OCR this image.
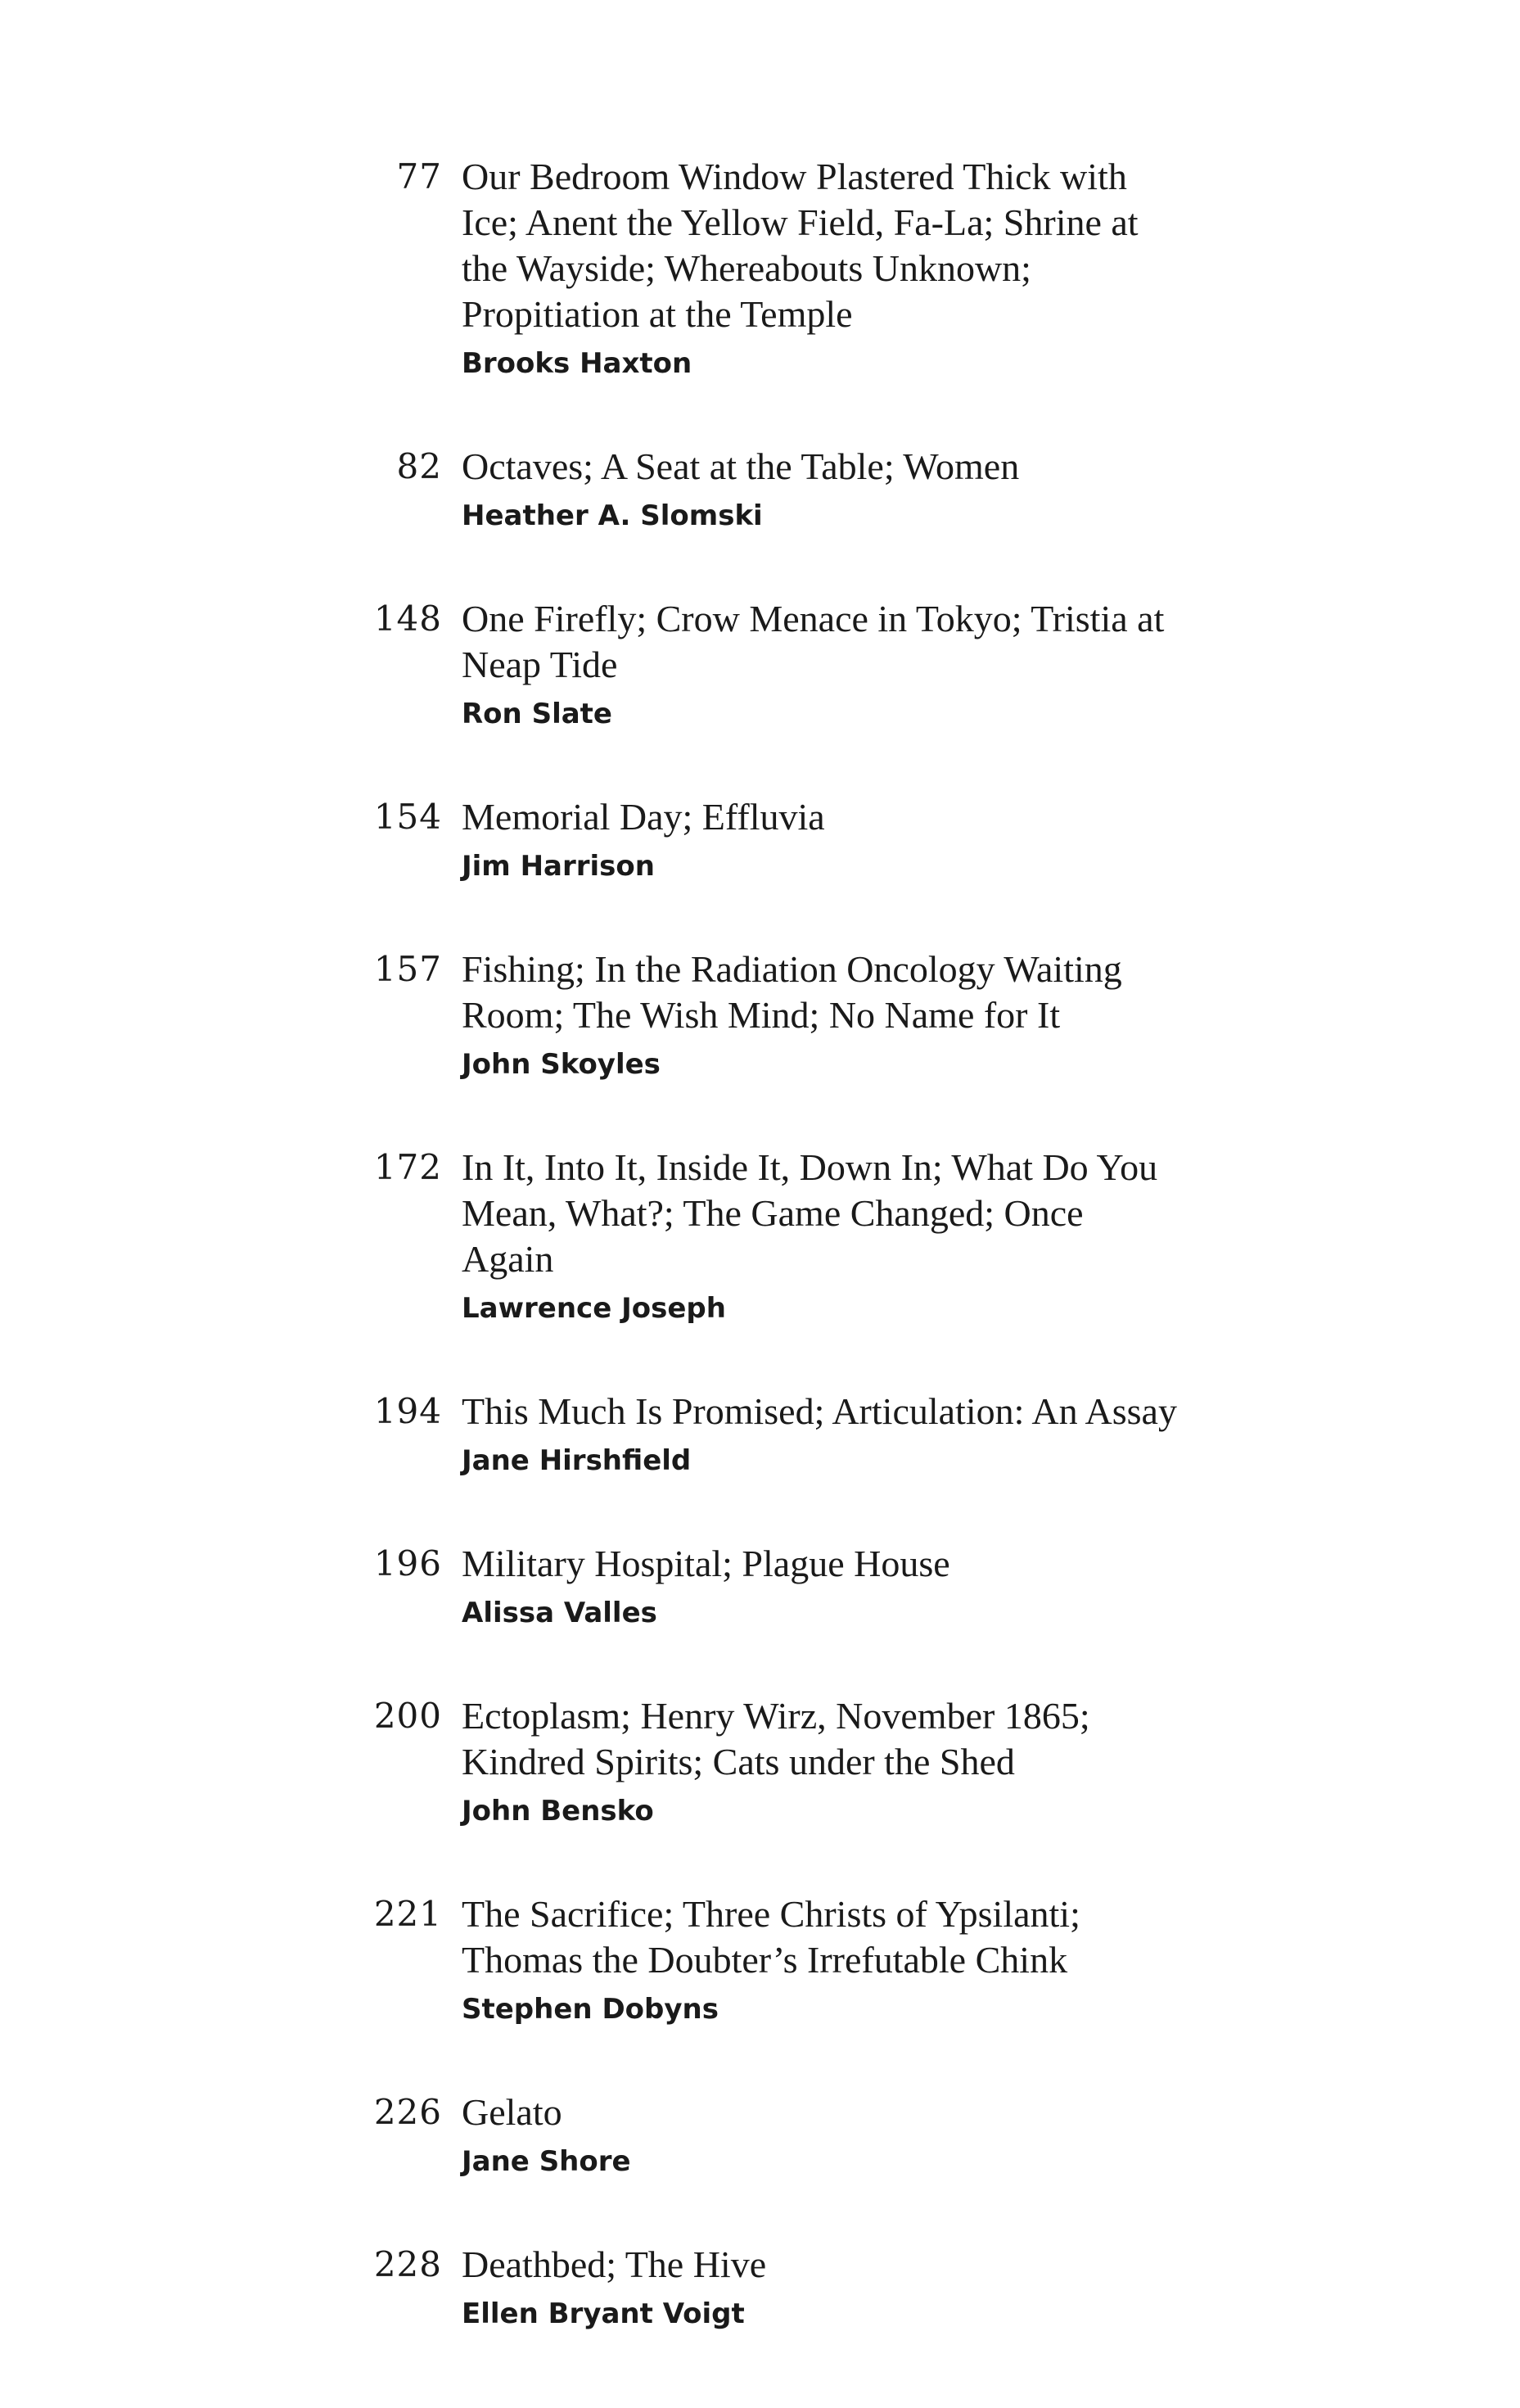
77 Our Bedroom Window Plastered Thick with Ice; Anent the Yellow Field, Fa-La; Shrine at the Wayside; Whereabouts Unknown; Propitiation at the Temple
Brooks Haxton
82 Octaves; A Seat at the Table; Women
Heather A. Slomski
148 One Firefly; Crow Menace in Tokyo; Tristia at Neap Tide
Ron Slate
154 Memorial Day; Effluvia
Jim Harrison
157 Fishing; In the Radiation Oncology Waiting Room; The Wish Mind; No Name for It
John Skoyles
172 In It, Into It, Inside It, Down In; What Do You Mean, What?; The Game Changed; Once Again
Lawrence Joseph
194 This Much Is Promised; Articulation: An Assay
Jane Hirshfield
196 Military Hospital; Plague House
Alissa Valles
200 Ectoplasm; Henry Wirz, November 1865; Kindred Spirits; Cats under the Shed
John Bensko
221 The Sacrifice; Three Christs of Ypsilanti; Thomas the Doubter’s Irrefutable Chink
Stephen Dobyns
226 Gelato
Jane Shore
228 Deathbed; The Hive
Ellen Bryant Voigt
